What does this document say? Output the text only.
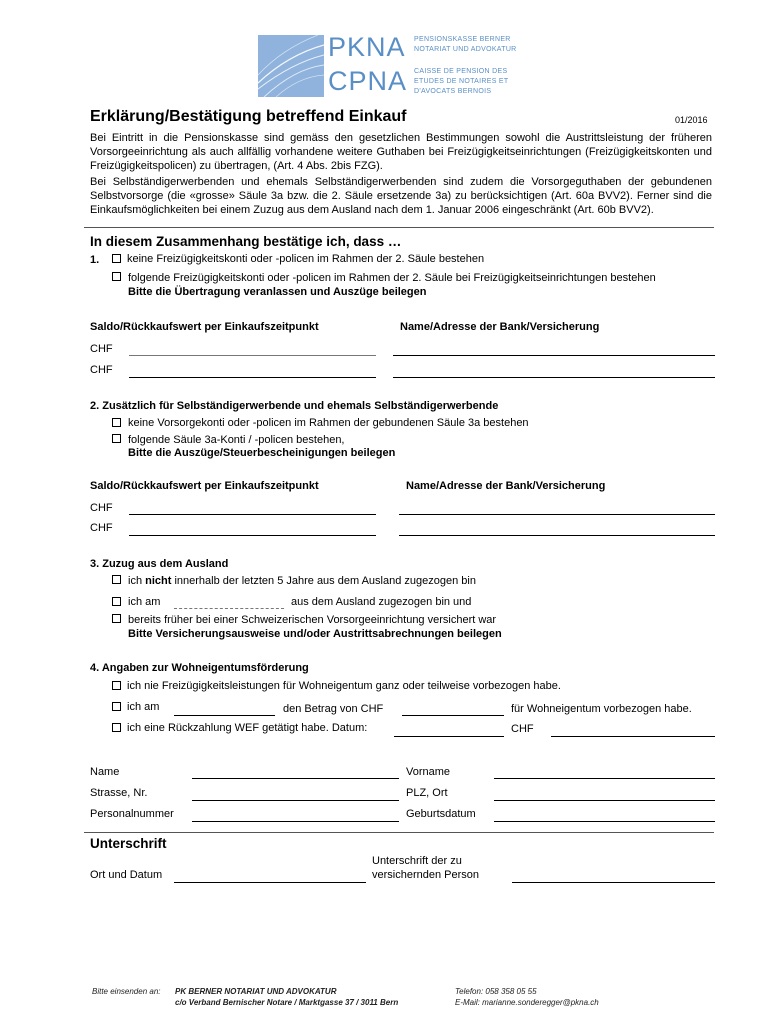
PKNA
CPNA
PENSIONSKASSE BERNER
NOTARIAT UND ADVOKATUR
CAISSE DE PENSION DES
ETUDES DE NOTAIRES ET
D'AVOCATS BERNOIS
Erklärung/Bestätigung betreffend Einkauf	01/2016
Bei Eintritt in die Pensionskasse sind gemäss den gesetzlichen Bestimmungen sowohl die Austrittsleistung der früheren Vorsorgeeinrichtung als auch allfällig vorhandene weitere Guthaben bei Freizügigkeitseinrichtungen (Freizügigkeitskonten und Freizügigkeitspolicen) zu übertragen, (Art. 4 Abs. 2bis FZG).
Bei Selbständigerwerbenden und ehemals Selbständigerwerbenden sind zudem die Vorsorgeguthaben der gebundenen Selbstvorsorge (die «grosse» Säule 3a bzw. die 2. Säule ersetzende 3a) zu berücksichtigen (Art. 60a BVV2). Ferner sind die Einkaufsmöglichkeiten bei einem Zuzug aus dem Ausland nach dem 1. Januar 2006 eingeschränkt (Art. 60b BVV2).
In diesem Zusammenhang bestätige ich, dass …
1.	keine Freizügigkeitskonti oder -policen im Rahmen der 2. Säule bestehen
folgende Freizügigkeitskonti oder -policen im Rahmen der 2. Säule bei Freizügigkeitseinrichtungen bestehen
Bitte die Übertragung veranlassen und Auszüge beilegen
Saldo/Rückkaufswert per Einkaufszeitpunkt	Name/Adresse der Bank/Versicherung
CHF
CHF
2. Zusätzlich für Selbständigerwerbende und ehemals Selbständigerwerbende
keine Vorsorgekonti oder -policen im Rahmen der gebundenen Säule 3a bestehen
folgende Säule 3a-Konti / -policen bestehen,
Bitte die Auszüge/Steuerbescheinigungen beilegen
Saldo/Rückkaufswert per Einkaufszeitpunkt	Name/Adresse der Bank/Versicherung
CHF
CHF
3. Zuzug aus dem Ausland
ich nicht innerhalb der letzten 5 Jahre aus dem Ausland zugezogen bin
ich am	aus dem Ausland zugezogen bin und
bereits früher bei einer Schweizerischen Vorsorgeeinrichtung versichert war
Bitte Versicherungsausweise und/oder Austrittsabrechnungen beilegen
4. Angaben zur Wohneigentumsförderung
ich nie Freizügigkeitsleistungen für Wohneigentum ganz oder teilweise vorbezogen habe.
ich am	den Betrag von CHF	für Wohneigentum vorbezogen habe.
ich eine Rückzahlung WEF getätigt habe. Datum:	CHF
Name	Vorname
Strasse, Nr.	PLZ, Ort
Personalnummer	Geburtsdatum
Unterschrift
Ort und Datum
Unterschrift der zu
versichernden Person
Bitte einsenden an: PK BERNER NOTARIAT UND ADVOKATUR
c/o Verband Bernischer Notare / Marktgasse 37 / 3011 Bern
Telefon: 058 358 05 55
E-Mail: marianne.sonderegger@pkna.ch
